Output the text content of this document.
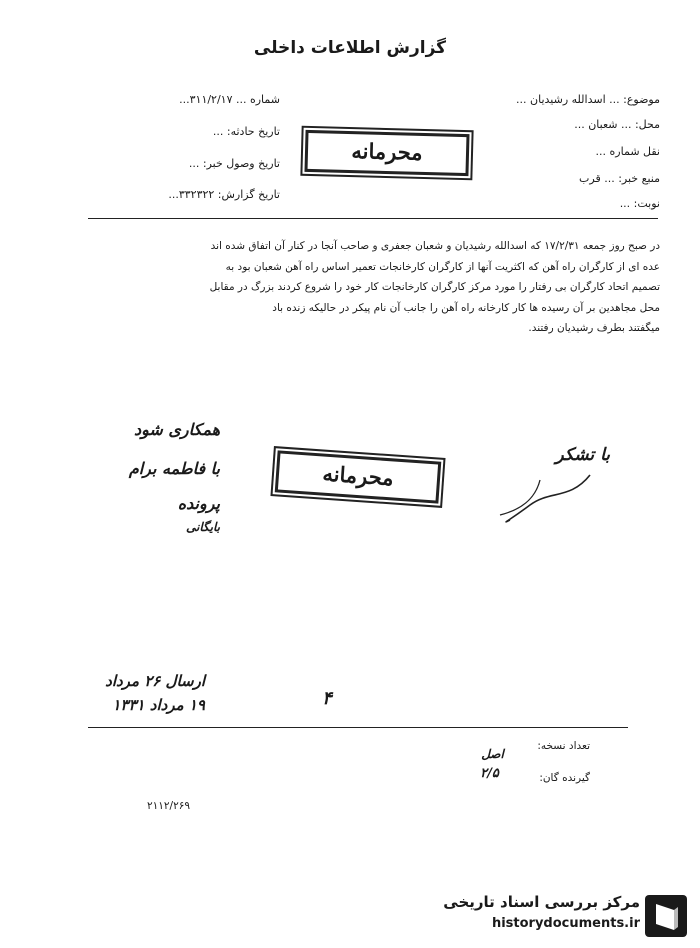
گزارش اطلاعات داخلی
موضوع: ... اسدالله رشیدیان ...
محل: ... شعبان ...
نقل شماره ...
منبع خبر: ... قرب
نوبت: ...
شماره ... ۳۱۱/۲/۱۷...
تاریخ حادثه: ...
تاریخ وصول خبر: ...
تاریخ گزارش: ۳۳۲۳۲۲...
محرمانه

در صبح روز جمعه ۱۷/۲/۳۱ که اسدالله رشیدیان و شعبان جعفری و صاحب آنجا در کنار آن اتفاق شده اند

عده ای از کارگران راه آهن که اکثریت آنها از کارگران کارخانجات تعمیر اساس راه آهن شعبان بود به

تصمیم اتحاد کارگران بی رفتار را مورد مرکز کارگران کارخانجات کار خود را شروع کردند بزرگ در مقابل

محل مجاهدین بر آن رسیده ها کار کارخانه راه آهن را جانب آن نام پیکر در حالیکه زنده باد

میگفتند بطرف رشیدیان رفتند.

همکاری شود
با فاطمه برام
پرونده
بایگانی
محرمانه
با تشکر
۴
ارسال ۲۶ مرداد
۱۹ مرداد ۱۳۳۱
تعداد نسخه:
گیرنده گان:
اصل
۲/۵
۲۱۱۲/۲۶۹
مرکز بررسی اسناد تاریخی
historydocuments.ir
